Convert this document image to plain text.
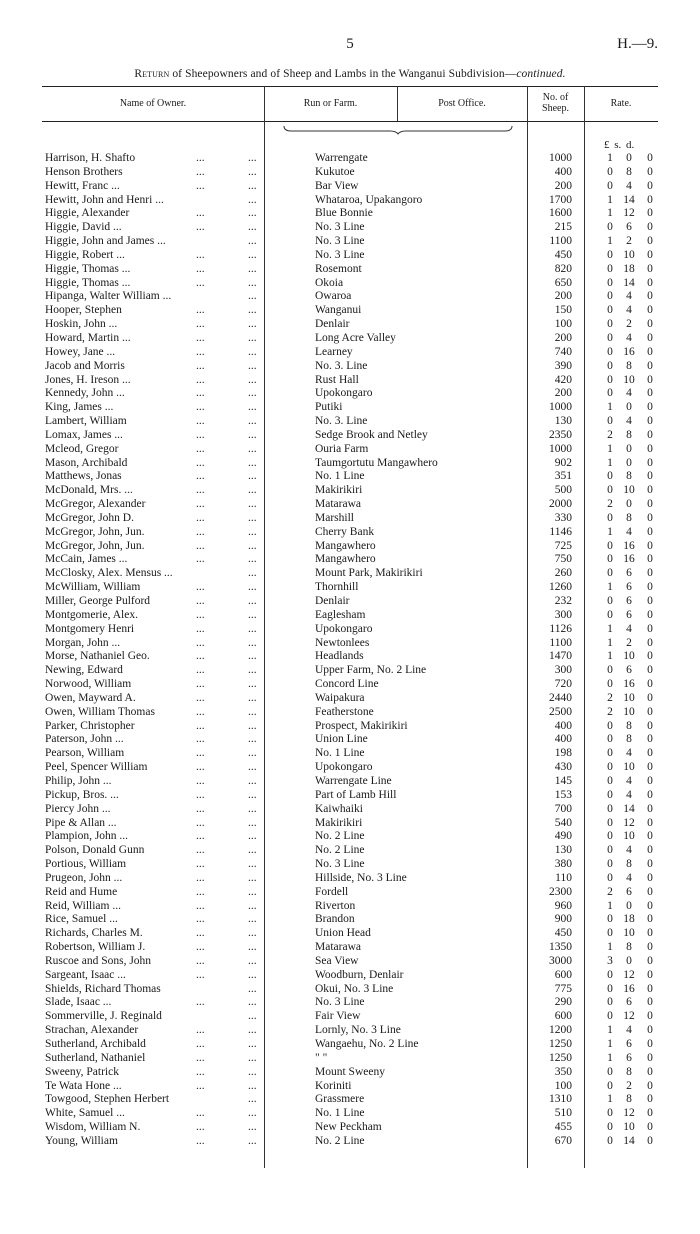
5	H.—9.
Return of Sheepowners and of Sheep and Lambs in the Wanganui Subdivision—continued.
Name of Owner.	Run or Farm.	Post Office.
No. of
Sheep.	Rate.
£ s. d.
Harrison, H. Shafto	...	...	Warrengate	1000	1	0	0
Henson Brothers	...	...	Kukutoe	400	0	8	0
Hewitt, Franc ...	...	...	Bar View	200	0	4	0
Hewitt, John and Henri ...	...	Whataroa, Upakangoro	1700	1 14	0
Higgie, Alexander	...	...	Blue Bonnie	1600	1 12	0
Higgie, David ...	...	...	No. 3 Line	215	0	6	0
Higgie, John and James ...	...	No. 3 Line	1100	1	2	0
Higgie, Robert ...	...	...	No. 3 Line	450	0 10	0
Higgie, Thomas ...	...	...	Rosemont	820	0 18	0
Higgie, Thomas ...	...	...	Okoia	650	0 14	0
Hipanga, Walter William ...	...	Owaroa	200	0	4	0
Hooper, Stephen	...	...	Wanganui	150	0	4	0
Hoskin, John ...	...	...	Denlair	100	0	2	0
Howard, Martin ...	...	...	Long Acre Valley	200	0	4	0
Howey, Jane ...	...	...	Learney	740	0 16	0
Jacob and Morris	...	...	No. 3. Line	390	0	8	0
Jones, H. Ireson ...	...	...	Rust Hall	420	0 10	0
Kennedy, John ...	...	...	Upokongaro	200	0	4	0
King, James ...	...	...	Putiki	1000	1	0	0
Lambert, William	...	...	No. 3. Line	130	0	4	0
Lomax, James ...	...	...	Sedge Brook and Netley	2350	2	8	0
Mcleod, Gregor	...	...	Ouria Farm	1000	1	0	0
Mason, Archibald	...	...	Taumgortutu Mangawhero	902	1	0	0
Matthews, Jonas	...	...	No. 1 Line	351	0	8	0
McDonald, Mrs. ...	...	...	Makirikiri	500	0 10	0
McGregor, Alexander	...	...	Matarawa	2000	2	0	0
McGregor, John D.	...	...	Marshill	330	0	8	0
McGregor, John, Jun.	...	...	Cherry Bank	1146	1	4	0
McGregor, John, Jun.	...	...	Mangawhero	725	0 16	0
McCain, James ...	...	...	Mangawhero	750	0 16	0
McClosky, Alex. Mensus ...	...	Mount Park, Makirikiri	260	0	6	0
McWilliam, William	...	...	Thornhill	1260	1	6	0
Miller, George Pulford	...	...	Denlair	232	0	6	0
Montgomerie, Alex.	...	...	Eaglesham	300	0	6	0
Montgomery Henri	...	...	Upokongaro	1126	1	4	0
Morgan, John ...	...	...	Newtonlees	1100	1	2	0
Morse, Nathaniel Geo.	...	...	Headlands	1470	1 10	0
Newing, Edward	...	...	Upper Farm, No. 2 Line	300	0	6	0
Norwood, William	...	...	Concord Line	720	0 16	0
Owen, Mayward A.	...	...	Waipakura	2440	2 10	0
Owen, William Thomas	...	...	Featherstone	2500	2 10	0
Parker, Christopher	...	...	Prospect, Makirikiri	400	0	8	0
Paterson, John ...	...	...	Union Line	400	0	8	0
Pearson, William	...	...	No. 1 Line	198	0	4	0
Peel, Spencer William	...	...	Upokongaro	430	0 10	0
Philip, John ...	...	...	Warrengate Line	145	0	4	0
Pickup, Bros. ...	...	...	Part of Lamb Hill	153	0	4	0
Piercy John ...	...	...	Kaiwhaiki	700	0 14	0
Pipe & Allan ...	...	...	Makirikiri	540	0 12	0
Plampion, John ...	...	...	No. 2 Line	490	0 10	0
Polson, Donald Gunn	...	...	No. 2 Line	130	0	4	0
Portious, William	...	...	No. 3 Line	380	0	8	0
Prugeon, John ...	...	...	Hillside, No. 3 Line	110	0	4	0
Reid and Hume	...	...	Fordell	2300	2	6	0
Reid, William ...	...	...	Riverton	960	1	0	0
Rice, Samuel ...	...	...	Brandon	900	0 18	0
Richards, Charles M.	...	...	Union Head	450	0 10	0
Robertson, William J.	...	...	Matarawa	1350	1	8	0
Ruscoe and Sons, John	...	...	Sea View	3000	3	0	0
Sargeant, Isaac ...	...	...	Woodburn, Denlair	600	0 12	0
Shields, Richard Thomas	...	Okui, No. 3 Line	775	0 16	0
Slade, Isaac ...	...	...	No. 3 Line	290	0	6	0
Sommerville, J. Reginald	...	Fair View	600	0 12	0
Strachan, Alexander	...	...	Lornly, No. 3 Line	1200	1	4	0
Sutherland, Archibald	...	...	Wangaehu, No. 2 Line	1250	1	6	0
Sutherland, Nathaniel	...	...	" "	1250	1	6	0
Sweeny, Patrick	...	...	Mount Sweeny	350	0	8	0
Te Wata Hone ...	...	...	Koriniti	100	0	2	0
Towgood, Stephen Herbert	...	Grassmere	1310	1	8	0
White, Samuel ...	...	...	No. 1 Line	510	0 12	0
Wisdom, William N.	...	...	New Peckham	455	0 10	0
Young, William	...	...	No. 2 Line	670	0 14	0
